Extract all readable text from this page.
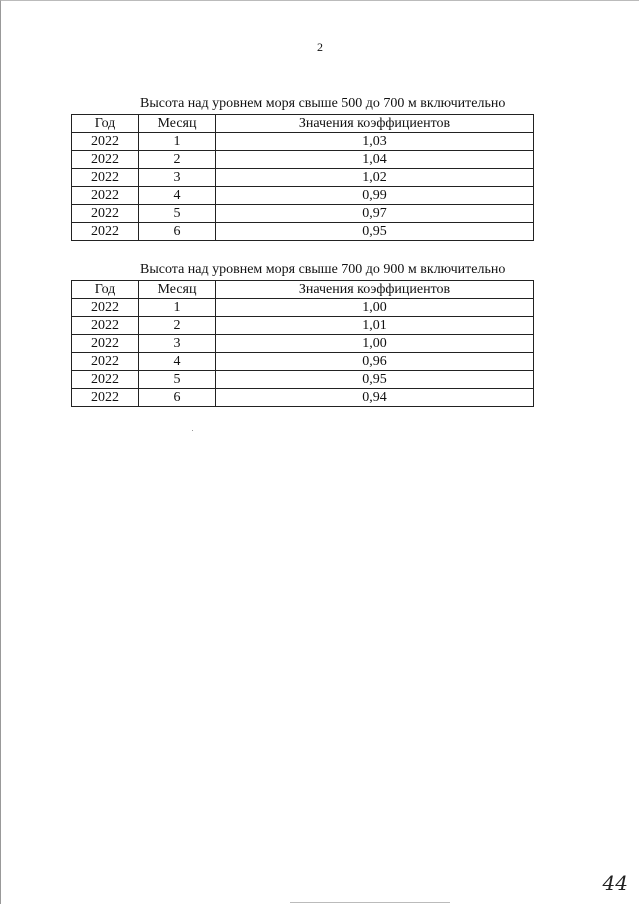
2
Высота над уровнем моря свыше 500 до 700 м включительно
Год	Месяц	Значения коэффициентов
2022	1	1,03
2022	2	1,04
2022	3	1,02
2022	4	0,99
2022	5	0,97
2022	6	0,95
Высота над уровнем моря свыше 700 до 900 м включительно
Год	Месяц	Значения коэффициентов
2022	1	1,00
2022	2	1,01
2022	3	1,00
2022	4	0,96
2022	5	0,95
2022	6	0,94
44
